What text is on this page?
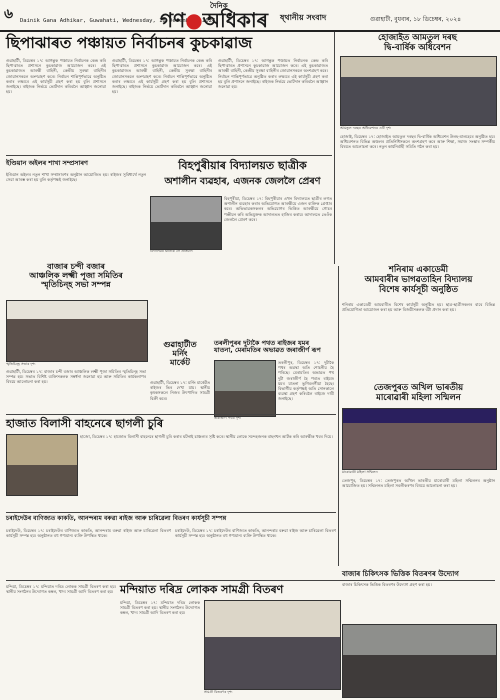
৬ Dainik Gana Adhikar, Guwahati, Wednesday, 18 December, 2024
দৈনিক
গণ●অধিকাৰ ষ্থানীয় সংবাদ	গুৱাহাটী, বুধবাৰ, ১৮ ডিচেম্বৰ, ২০২৪
ছিপাঝাৰত পঞ্চায়ত নিৰ্বাচনৰ কুচকাৱাজ
গুৱাহাটী, ডিচেম্বৰ ১৭: আগন্তুক পঞ্চায়ত নিৰ্বাচনক কেন্দ্ৰ কৰি ছিপাঝাৰত প্ৰশাসনে কুচকাৱাজ আয়োজন কৰে। এই কুচকাৱাজত আৰক্ষী বাহিনী, কেন্দ্ৰীয় সুৰক্ষা বাহিনীৰ জোৱানসকলে অংশগ্ৰহণ কৰে। নিৰ্বাচন শান্তিপূৰ্ণভাৱে অনুষ্ঠিত কৰাৰ লক্ষ্যৰে এই কাৰ্যসূচী গ্ৰহণ কৰা হয় বুলি প্ৰশাসনে জনাইছে। ৰাইজক নিৰ্ভয়ে ভোটদান কৰিবলৈ আহ্বান জনোৱা হয়।
গুৱাহাটী, ডিচেম্বৰ ১৭: আগন্তুক পঞ্চায়ত নিৰ্বাচনক কেন্দ্ৰ কৰি ছিপাঝাৰত প্ৰশাসনে কুচকাৱাজ আয়োজন কৰে। এই কুচকাৱাজত আৰক্ষী বাহিনী, কেন্দ্ৰীয় সুৰক্ষা বাহিনীৰ জোৱানসকলে অংশগ্ৰহণ কৰে। নিৰ্বাচন শান্তিপূৰ্ণভাৱে অনুষ্ঠিত কৰাৰ লক্ষ্যৰে এই কাৰ্যসূচী গ্ৰহণ কৰা হয় বুলি প্ৰশাসনে জনাইছে। ৰাইজক নিৰ্ভয়ে ভোটদান কৰিবলৈ আহ্বান জনোৱা হয়।
গুৱাহাটী, ডিচেম্বৰ ১৭: আগন্তুক পঞ্চায়ত নিৰ্বাচনক কেন্দ্ৰ কৰি ছিপাঝাৰত প্ৰশাসনে কুচকাৱাজ আয়োজন কৰে। এই কুচকাৱাজত আৰক্ষী বাহিনী, কেন্দ্ৰীয় সুৰক্ষা বাহিনীৰ জোৱানসকলে অংশগ্ৰহণ কৰে। নিৰ্বাচন শান্তিপূৰ্ণভাৱে অনুষ্ঠিত কৰাৰ লক্ষ্যৰে এই কাৰ্যসূচী গ্ৰহণ কৰা হয় বুলি প্ৰশাসনে জনাইছে। ৰাইজক নিৰ্ভয়ে ভোটদান কৰিবলৈ আহ্বান জনোৱা হয়।
হোজাইত আমতুল দৰছ
দ্বি-বাৰ্ষিক অধিবেশন
আমতুল দৰছৰ অধিবেশনৰ এটি দৃশ্য
হোজাই, ডিচেম্বৰ ১৭: হোজাইত আমতুল দৰছৰ দ্বি-বাৰ্ষিক অধিবেশন উলহ-মালহেৰে অনুষ্ঠিত হয়। অধিবেশনত বিভিন্ন অঞ্চলৰ প্ৰতিনিধিসকলে অংশগ্ৰহণ কৰে আৰু শিক্ষা, সমাজ সংস্কাৰ সম্পৰ্কীয় বিষয়ত আলোচনা কৰে। নতুন কাৰ্যনিৰ্বাহী সমিতি গঠন কৰা হয়।
ইণ্ডিয়ান অইলৰ শাখা সম্প্ৰসাৰণ
ইণ্ডিয়ান অইলৰ নতুন শাখা সম্প্ৰসাৰণৰ অনুষ্ঠান আয়োজিত হয়। ৰাইজৰ সুবিধাৰ্থে নতুন সেৱা আৰম্ভ কৰা হয় বুলি কৰ্তৃপক্ষই জনাইছে।
বিহপুৰীয়াৰ বিদ্যালয়ত ছাত্ৰীক
অশালীন ব্যৱহাৰ, এজনক জেললৈ প্ৰেৰণ
বিদ্যালয়ৰ ঘটনাক লৈ প্ৰতিবাদ
বিহপুৰীয়া, ডিচেম্বৰ ১৭: বিহপুৰীয়াৰ এখন বিদ্যালয়ত ছাত্ৰীৰ লগত অশালীন ব্যৱহাৰ কৰাৰ অভিযোগত আৰক্ষীয়ে এজন ব্যক্তিক গ্ৰেপ্তাৰ কৰে। অভিভাৱকসকলৰ অভিযোগৰ ভিত্তিত আৰক্ষীয়ে গোচৰ পঞ্জীয়ন কৰি অভিযুক্তক আদালতত হাজিৰ কৰায়। আদালতে তেওঁক জেললৈ প্ৰেৰণ কৰে।
বাজাৰ চন্দী বজাৰ
আঞ্চলিক লক্ষ্মী পূজা সমিতিৰ
স্মৃতিচিন্হ সভা সম্পন্ন
স্মৃতিচিন্হ সভাৰ দৃশ্য
গুৱাহাটী, ডিচেম্বৰ ১৭: বাজাৰ চন্দী বজাৰ আঞ্চলিক লক্ষ্মী পূজা সমিতিৰ স্মৃতিচিন্হ সভা সম্পন্ন হয়। সভাত বিশিষ্ট ব্যক্তিসকলক সম্বৰ্ধনা জনোৱা হয় আৰু সমিতিৰ কাৰ্যকলাপৰ বিষয়ে আলোচনা কৰা হয়।
গুৱাহাটীত
মৰ্নিং
মাৰ্কেট
গুৱাহাটী, ডিচেম্বৰ ১৭: মৰ্নিং মাৰ্কেটত ৰাইজৰ ভিৰ দেখা যায়। স্থানীয় কৃষকসকলে নিজৰ উৎপাদিত সামগ্ৰী বিক্ৰী কৰে।
তৰলীপুৰৰ দুটাকৈ পথত ৰাইজৰ যমৰ
যাতনা, মেৰামতিৰ অভাৱত জৰাজীৰ্ণ ৰূপ
জৰাজীৰ্ণ পথৰ দৃশ্য
তৰলীপুৰ, ডিচেম্বৰ ১৭: দুটাকৈ পথৰ অৱস্থা অতি শোচনীয় হৈ পৰিছে। মেৰামতিৰ অভাৱত পথ দুটা জৰাজীৰ্ণ হৈ পৰাত ৰাইজে যমৰ যাতনা ভুগিবলগীয়া হৈছে। বিভাগীয় কৰ্তৃপক্ষই অতি সোনকালে ব্যৱস্থা গ্ৰহণ কৰিবলৈ ৰাইজে দাবী জনাইছে।
শনিৰাম একাডেমী
আমবাৰীৰ ভাগৱতাহিন বিদ্যালয়
বিশেষ কাৰ্যসূচী অনুষ্ঠিত
শনিৰাম একাডেমী আমবাৰীত বিশেষ কাৰ্যসূচী অনুষ্ঠিত হয়। ছাত্ৰ-ছাত্ৰীসকলৰ বাবে বিভিন্ন প্ৰতিযোগিতা আয়োজন কৰা হয় আৰু বিজয়ীসকলক বঁটা প্ৰদান কৰা হয়।
তেজপুৰত অখিল ভাৰতীয়
মাৰোৱাৰী মহিলা সন্মিলন
মাৰোৱাৰী মহিলা সন্মিলন
তেজপুৰ, ডিচেম্বৰ ১৭: তেজপুৰত অখিল ভাৰতীয় মাৰোৱাৰী মহিলা সন্মিলনৰ অনুষ্ঠান আয়োজিত হয়। সন্মিলনত মহিলা সবলীকৰণৰ বিষয়ে আলোচনা কৰা হয়।
হাজাত বিলাসী বাহনেৰে ছাগলী চুৰি
হাজো, ডিচেম্বৰ ১৭: হাজোত বিলাসী বাহনেৰে ছাগলী চুৰি কৰাৰ ঘটনাই চাঞ্চল্যৰ সৃষ্টি কৰে। স্থানীয় লোকে সন্দেহজনক বাহনখন আটক কৰি আৰক্ষীক খবৰ দিয়ে।
চৰাইদেউৰ বাণিজ্যত কাকতি, আনন্দৰাম বৰুৱা ৰাইজ আৰু চাৰিৱেলা বিতৰণ কাৰ্যসূচী সম্পন্ন
চৰাইদেউ, ডিচেম্বৰ ১৭: চৰাইদেউৰ বাণিজ্যত কাকতি, আনন্দৰাম বৰুৱা ৰাইজ আৰু চাৰিৱেলা বিতৰণ কাৰ্যসূচী সম্পন্ন হয়। অনুষ্ঠানত বহু গণ্যমান্য ব্যক্তি উপস্থিত থাকে।
চৰাইদেউ, ডিচেম্বৰ ১৭: চৰাইদেউৰ বাণিজ্যত কাকতি, আনন্দৰাম বৰুৱা ৰাইজ আৰু চাৰিৱেলা বিতৰণ কাৰ্যসূচী সম্পন্ন হয়। অনুষ্ঠানত বহু গণ্যমান্য ব্যক্তি উপস্থিত থাকে।
মন্দিয়াত দৰিদ্ৰ লোকক সামগ্ৰী বিতৰণ
মন্দিয়া, ডিচেম্বৰ ১৭: মন্দিয়াত দৰিদ্ৰ লোকক সামগ্ৰী বিতৰণ কৰা হয়। স্থানীয় সংগঠনৰ উদ্যোগত কম্বল, খাদ্য সামগ্ৰী আদি বিতৰণ কৰা হয়।
মন্দিয়া, ডিচেম্বৰ ১৭: মন্দিয়াত দৰিদ্ৰ লোকক সামগ্ৰী বিতৰণ কৰা হয়। স্থানীয় সংগঠনৰ উদ্যোগত কম্বল, খাদ্য সামগ্ৰী আদি বিতৰণ কৰা হয়।
সামগ্ৰী বিতৰণৰ দৃশ্য
বাজাৰ চিকিৎসক ভিত্তিক বিতৰণৰ উদ্যোগ
বাজাৰ চিকিৎসক ভিত্তিক বিতৰণৰ উদ্যোগ গ্ৰহণ কৰা হয়।
